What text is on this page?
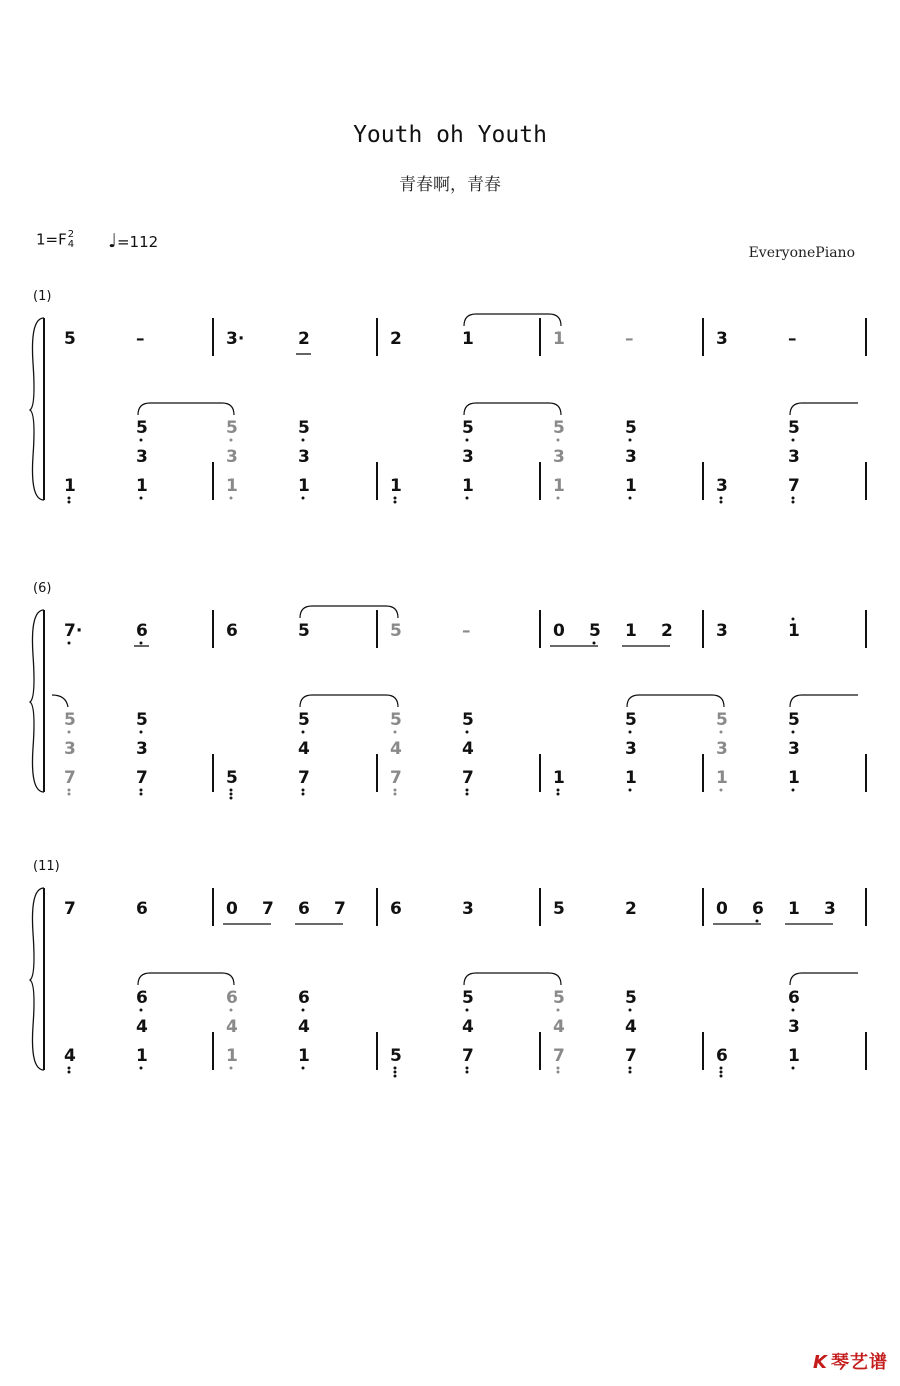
Youth oh Youth
青春啊，青春
1=F 2
4 ♩=112
EveryonePiano
(1)
5	–
1	1
3
5
3·	2
1
3
5
1
3
5
2	1
1	1
3
5
1	–
1
3
5
1
3
5
3	–
3	7
3
5
(6)
7·	6
7
3
5
7
3
5
6	5
5	7
4
5
5	–
7
4
5
7
4
5
0 5 1 2
1	1
3
5
3	1
1
3
5
1
3
5
(11)
7	6
4	1
4
6
0 7 6 7
1
4
6
1
4
6
6	3
5	7
4
5
5	2
7
4
5
7
4
5
0 6 1 3
6	1
3
6
K 琴艺谱
